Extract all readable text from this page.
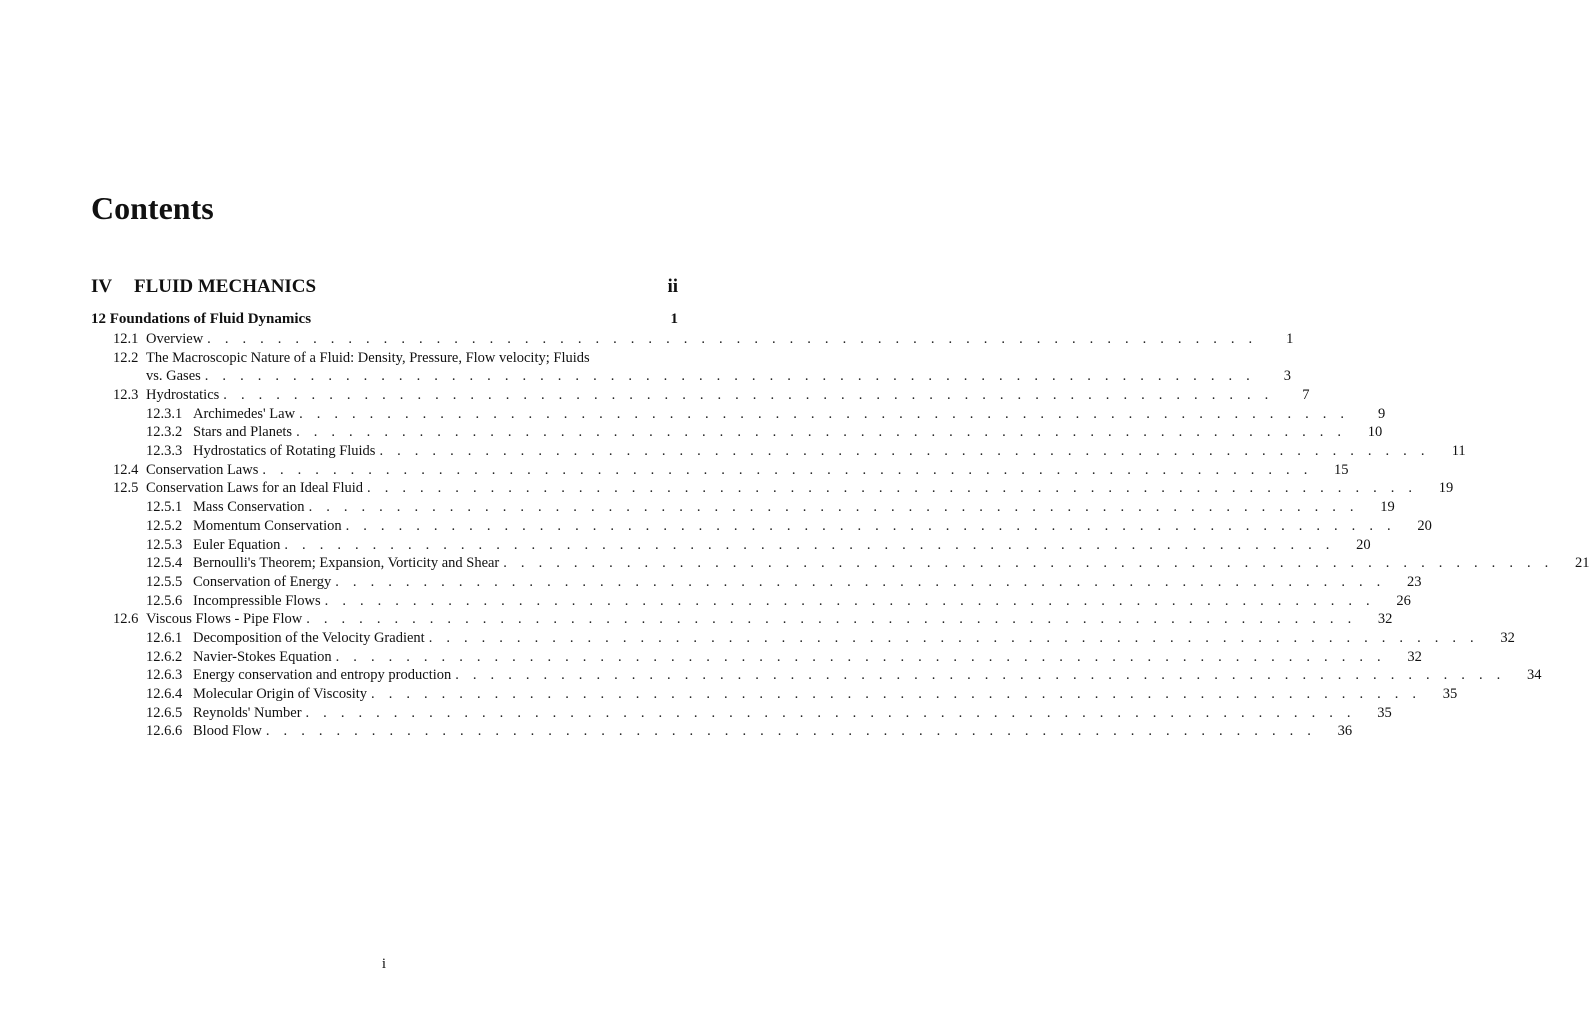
Contents
IV	FLUID MECHANICS	ii
12 Foundations of Fluid Dynamics	1
12.1 Overview . . . . . . . . . . . . . . . . . . . . . . . . . . . . . . . . . . . . . . . . . . . . . . . . . . . . . . . . . . . .	1
12.2 The Macroscopic Nature of a Fluid: Density, Pressure, Flow velocity; Fluids
vs. Gases . . . . . . . . . . . . . . . . . . . . . . . . . . . . . . . . . . . . . . . . . . . . . . . . . . . . . . . . . . . .	3
12.3 Hydrostatics . . . . . . . . . . . . . . . . . . . . . . . . . . . . . . . . . . . . . . . . . . . . . . . . . . . . . . . . . . . .	7
12.3.1 Archimedes' Law . . . . . . . . . . . . . . . . . . . . . . . . . . . . . . . . . . . . . . . . . . . . . . . . . . . . . . . . . . . .	9
12.3.2 Stars and Planets . . . . . . . . . . . . . . . . . . . . . . . . . . . . . . . . . . . . . . . . . . . . . . . . . . . . . . . . . . . .	10
12.3.3 Hydrostatics of Rotating Fluids . . . . . . . . . . . . . . . . . . . . . . . . . . . . . . . . . . . . . . . . . . . . . . . . . . . . . . . . . . . .	11
12.4 Conservation Laws . . . . . . . . . . . . . . . . . . . . . . . . . . . . . . . . . . . . . . . . . . . . . . . . . . . . . . . . . . . .	15
12.5 Conservation Laws for an Ideal Fluid . . . . . . . . . . . . . . . . . . . . . . . . . . . . . . . . . . . . . . . . . . . . . . . . . . . . . . . . . . . .	19
12.5.1 Mass Conservation . . . . . . . . . . . . . . . . . . . . . . . . . . . . . . . . . . . . . . . . . . . . . . . . . . . . . . . . . . . .	19
12.5.2 Momentum Conservation . . . . . . . . . . . . . . . . . . . . . . . . . . . . . . . . . . . . . . . . . . . . . . . . . . . . . . . . . . . .	20
12.5.3 Euler Equation . . . . . . . . . . . . . . . . . . . . . . . . . . . . . . . . . . . . . . . . . . . . . . . . . . . . . . . . . . . .	20
12.5.4 Bernoulli's Theorem; Expansion, Vorticity and Shear . . . . . . . . . . . . . . . . . . . . . . . . . . . . . . . . . . . . . . . . . . . . . . . . . . . . . . . . . . . .	21
12.5.5 Conservation of Energy . . . . . . . . . . . . . . . . . . . . . . . . . . . . . . . . . . . . . . . . . . . . . . . . . . . . . . . . . . . .	23
12.5.6 Incompressible Flows . . . . . . . . . . . . . . . . . . . . . . . . . . . . . . . . . . . . . . . . . . . . . . . . . . . . . . . . . . . .	26
12.6 Viscous Flows - Pipe Flow . . . . . . . . . . . . . . . . . . . . . . . . . . . . . . . . . . . . . . . . . . . . . . . . . . . . . . . . . . . .	32
12.6.1 Decomposition of the Velocity Gradient . . . . . . . . . . . . . . . . . . . . . . . . . . . . . . . . . . . . . . . . . . . . . . . . . . . . . . . . . . . .	32
12.6.2 Navier-Stokes Equation . . . . . . . . . . . . . . . . . . . . . . . . . . . . . . . . . . . . . . . . . . . . . . . . . . . . . . . . . . . .	32
12.6.3 Energy conservation and entropy production . . . . . . . . . . . . . . . . . . . . . . . . . . . . . . . . . . . . . . . . . . . . . . . . . . . . . . . . . . . .	34
12.6.4 Molecular Origin of Viscosity . . . . . . . . . . . . . . . . . . . . . . . . . . . . . . . . . . . . . . . . . . . . . . . . . . . . . . . . . . . .	35
12.6.5 Reynolds' Number . . . . . . . . . . . . . . . . . . . . . . . . . . . . . . . . . . . . . . . . . . . . . . . . . . . . . . . . . . . .	35
12.6.6 Blood Flow . . . . . . . . . . . . . . . . . . . . . . . . . . . . . . . . . . . . . . . . . . . . . . . . . . . . . . . . . . . .	36
i
